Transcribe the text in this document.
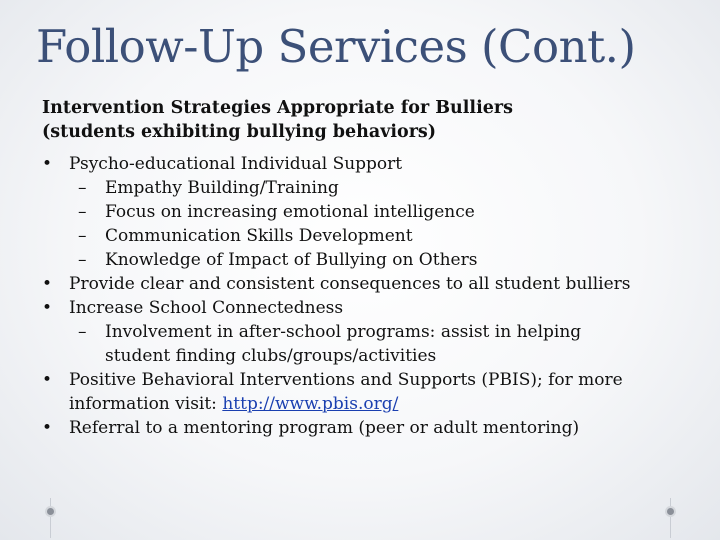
Follow-Up Services (Cont.)
Intervention Strategies Appropriate for Bulliers
(students exhibiting bullying behaviors)
• Psycho-educational Individual Support
– Empathy Building/Training
– Focus on increasing emotional intelligence
– Communication Skills Development
– Knowledge of Impact of Bullying on Others
• Provide clear and consistent consequences to all student bulliers
• Increase School Connectedness
– Involvement in after-school programs: assist in helping
student finding clubs/groups/activities
• Positive Behavioral Interventions and Supports (PBIS); for more
information visit: http://www.pbis.org/
• Referral to a mentoring program (peer or adult mentoring)
